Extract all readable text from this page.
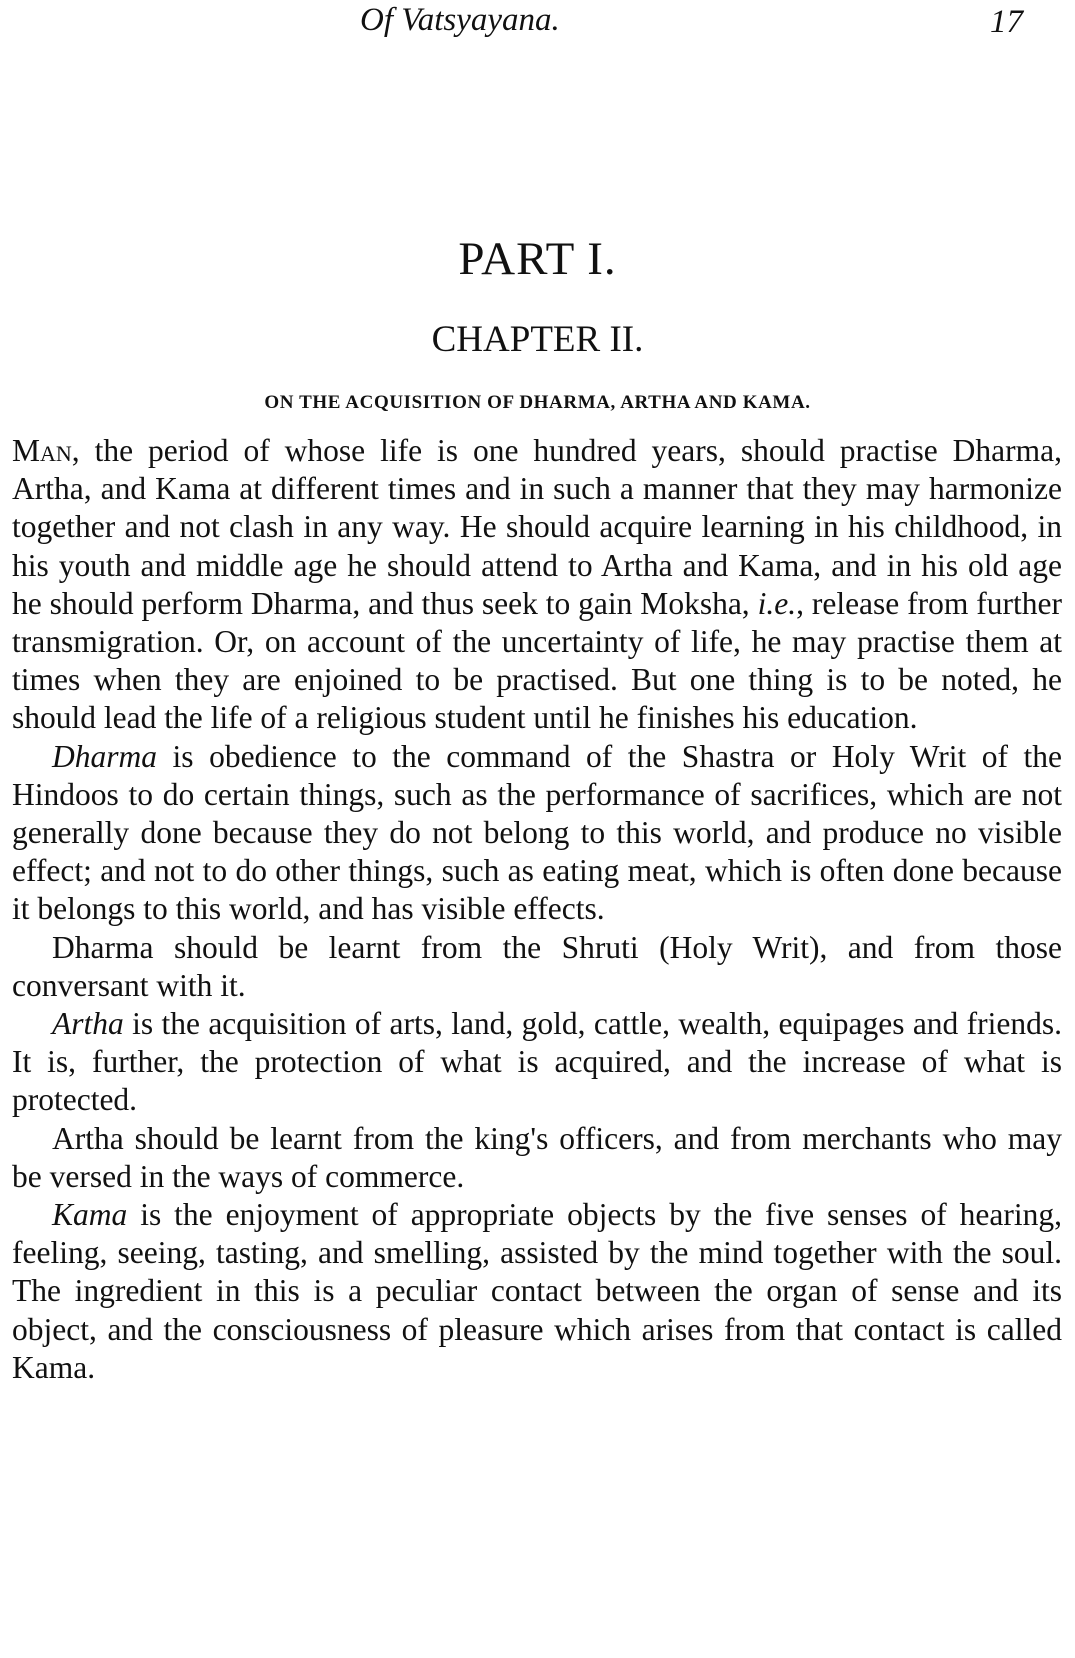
Of Vatsyayana.	17
PART I.
CHAPTER II.
ON THE ACQUISITION OF DHARMA, ARTHA AND KAMA.

Man, the period of whose life is one hundred years, should practise Dharma, Artha, and Kama at different times and in such a manner that they may harmonize together and not clash in any way. He should acquire learning in his childhood, in his youth and middle age he should attend to Artha and Kama, and in his old age he should perform Dharma, and thus seek to gain Moksha, i.e., release from further transmigration. Or, on account of the uncertainty of life, he may practise them at times when they are enjoined to be practised. But one thing is to be noted, he should lead the life of a religious student until he finishes his education.

Dharma is obedience to the command of the Shastra or Holy Writ of the Hindoos to do certain things, such as the performance of sacrifices, which are not generally done because they do not belong to this world, and produce no visible effect; and not to do other things, such as eating meat, which is often done because it belongs to this world, and has visible effects.

Dharma should be learnt from the Shruti (Holy Writ), and from those conversant with it.

Artha is the acquisition of arts, land, gold, cattle, wealth, equipages and friends. It is, further, the protection of what is acquired, and the increase of what is protected.

Artha should be learnt from the king's officers, and from merchants who may be versed in the ways of commerce.

Kama is the enjoyment of appropriate objects by the five senses of hearing, feeling, seeing, tasting, and smelling, assisted by the mind together with the soul. The ingredient in this is a peculiar contact between the organ of sense and its object, and the consciousness of pleasure which arises from that contact is called Kama.
